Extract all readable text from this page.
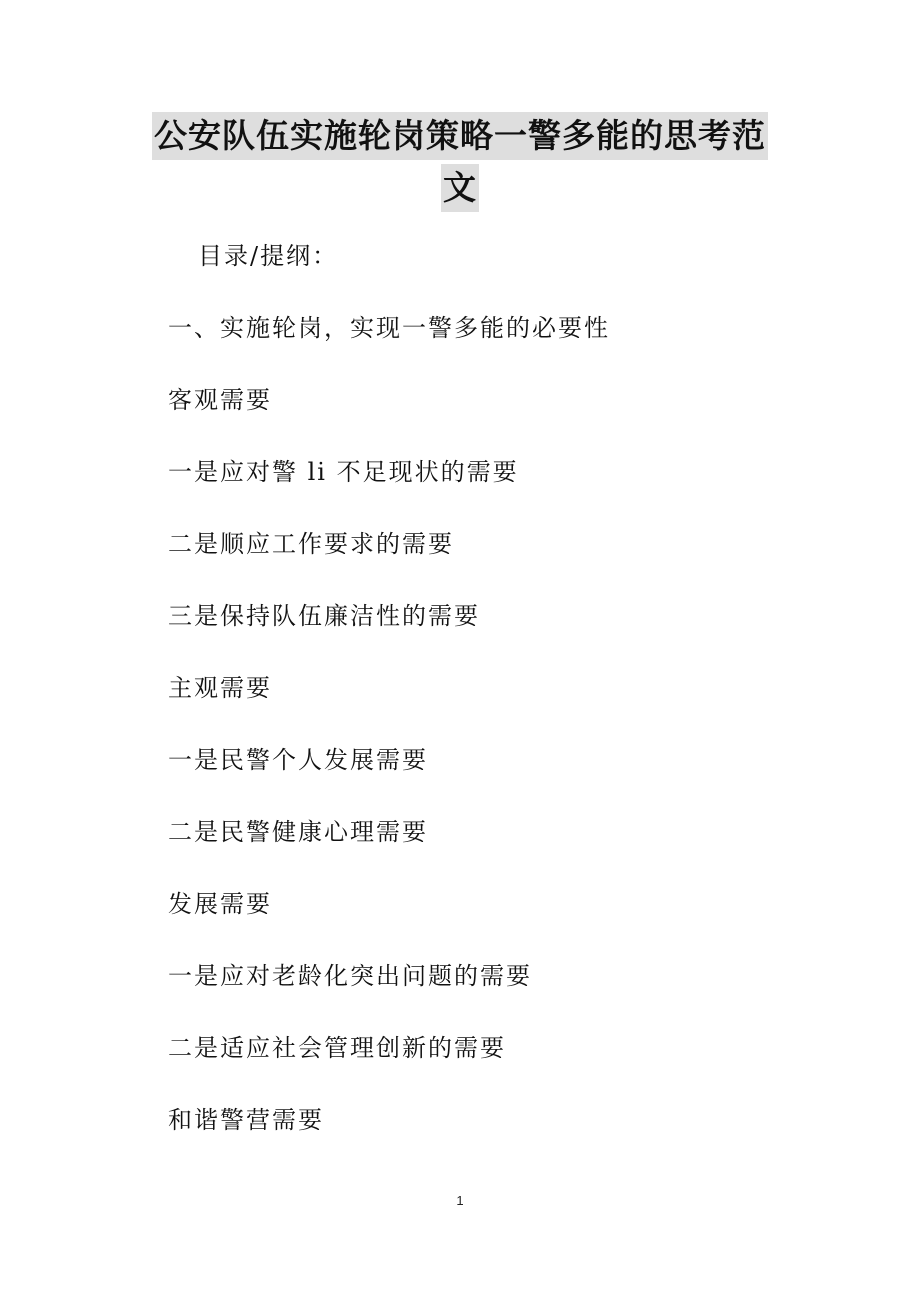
公安队伍实施轮岗策略一警多能的思考范
文
目录/提纲：
一、实施轮岗，实现一警多能的必要性
客观需要
一是应对警 li 不足现状的需要
二是顺应工作要求的需要
三是保持队伍廉洁性的需要
主观需要
一是民警个人发展需要
二是民警健康心理需要
发展需要
一是应对老龄化突出问题的需要
二是适应社会管理创新的需要
和谐警营需要
1
